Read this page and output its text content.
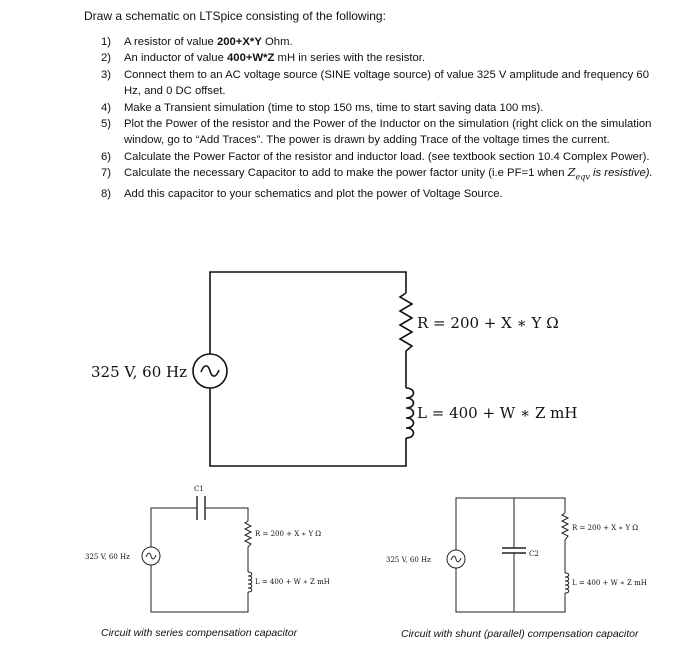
Draw a schematic on LTSpice consisting of the following:
1) A resistor of value 200+X*Y Ohm.
2) An inductor of value 400+W*Z mH in series with the resistor.
3) Connect them to an AC voltage source (SINE voltage source) of value 325 V amplitude and frequency 60 Hz, and 0 DC offset.
4) Make a Transient simulation (time to stop 150 ms, time to start saving data 100 ms).
5) Plot the Power of the resistor and the Power of the Inductor on the simulation (right click on the simulation window, go to “Add Traces”. The power is drawn by adding Trace of the voltage times the current.
6) Calculate the Power Factor of the resistor and inductor load. (see textbook section 10.4 Complex Power).
7) Calculate the necessary Capacitor to add to make the power factor unity (i.e PF=1 when $Z_{eqv}$ is resistive).
8) Add this capacitor to your schematics and plot the power of Voltage Source.
325 V, 60 Hz
R = 200 + X ∗ Y Ω
L = 400 + W ∗ Z mH
C1
325 V, 60 Hz
R = 200 + X ∗ Y Ω
L = 400 + W ∗ Z mH
Circuit with series compensation capacitor
C2
325 V, 60 Hz
R = 200 + X ∗ Y Ω
L = 400 + W ∗ Z mH
Circuit with shunt (parallel) compensation capacitor
